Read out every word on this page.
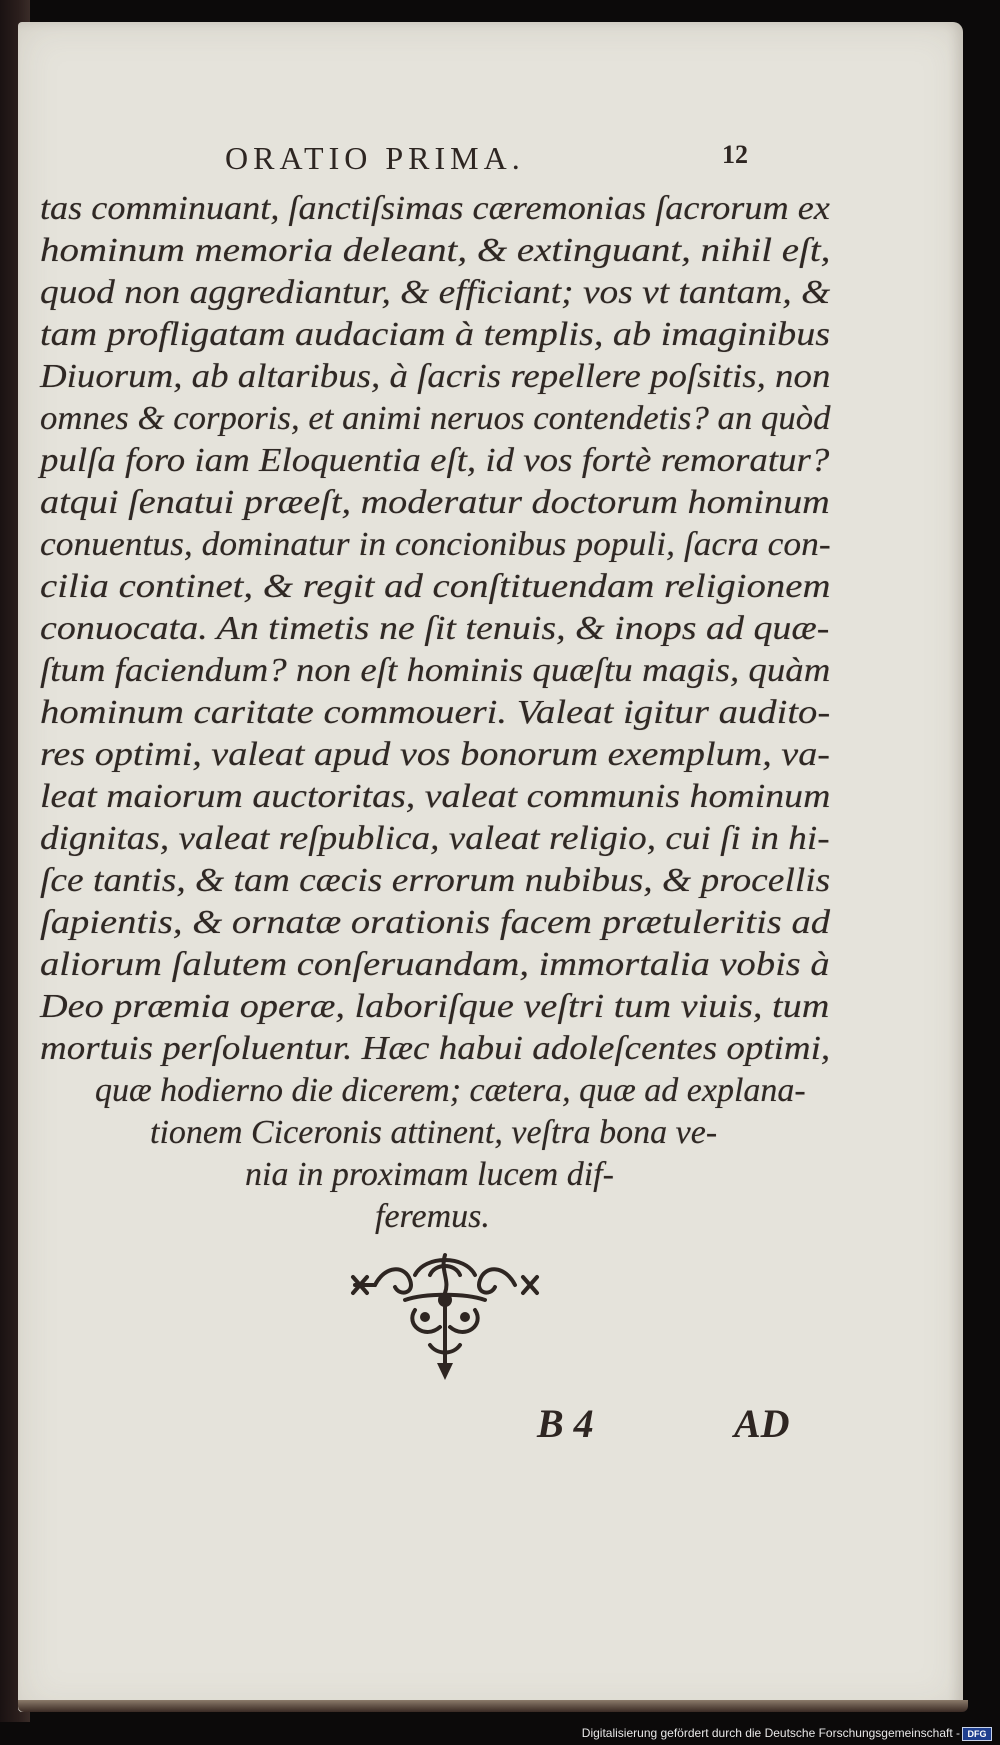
ORATIO PRIMA.	12
tas comminuant, ſanctiſsimas cæremonias ſacrorum ex
hominum memoria deleant, & extinguant, nihil eſt,
quod non aggrediantur, & efficiant; vos vt tantam, &
tam profligatam audaciam à templis, ab imaginibus
Diuorum, ab altaribus, à ſacris repellere poſsitis, non
omnes & corporis, et animi neruos contendetis? an quòd
pulſa foro iam Eloquentia eſt, id vos fortè remoratur?
atqui ſenatui præeſt, moderatur doctorum hominum
conuentus, dominatur in concionibus populi, ſacra con-
cilia continet, & regit ad conſtituendam religionem
conuocata. An timetis ne ſit tenuis, & inops ad quæ-
ſtum faciendum? non eſt hominis quæſtu magis, quàm
hominum caritate commoueri. Valeat igitur audito-
res optimi, valeat apud vos bonorum exemplum, va-
leat maiorum auctoritas, valeat communis hominum
dignitas, valeat reſpublica, valeat religio, cui ſi in hi-
ſce tantis, & tam cæcis errorum nubibus, & procellis
ſapientis, & ornatæ orationis facem prætuleritis ad
aliorum ſalutem conſeruandam, immortalia vobis à
Deo præmia operæ, laboriſque veſtri tum viuis, tum
mortuis perſoluentur. Hæc habui adoleſcentes optimi,
quæ hodierno die dicerem; cætera, quæ ad explana-
tionem Ciceronis attinent, veſtra bona ve-
nia in proximam lucem dif-
feremus.
B 4	AD
Digitalisierung gefördert durch die Deutsche Forschungsgemeinschaft - DFG
